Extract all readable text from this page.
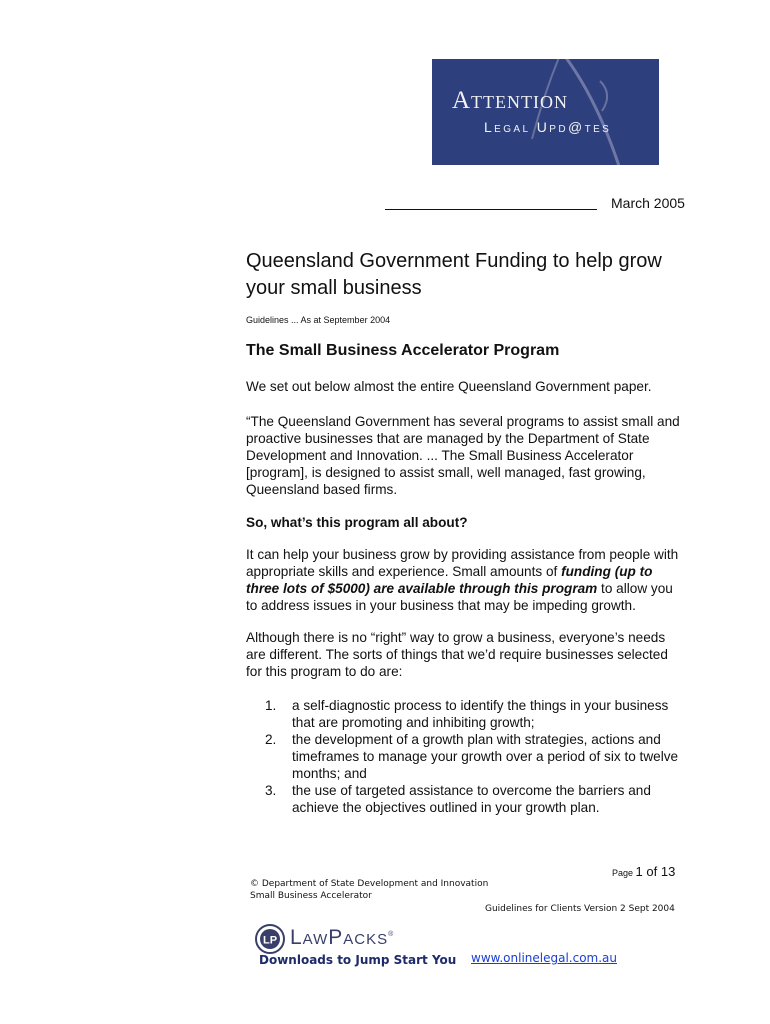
Attention
Legal Upd@tes
March 2005
Queensland Government Funding to help grow your small business
Guidelines ... As at September 2004
The Small Business Accelerator Program
We set out below almost the entire Queensland Government paper.
“The Queensland Government has several programs to assist small and proactive businesses that are managed by the Department of State Development and Innovation. ... The Small Business Accelerator [program], is designed to assist small, well managed, fast growing, Queensland based firms.
So, what’s this program all about?
It can help your business grow by providing assistance from people with appropriate skills and experience. Small amounts of funding (up to three lots of $5000) are available through this program to allow you to address issues in your business that may be impeding growth.
Although there is no “right” way to grow a business, everyone’s needs are different. The sorts of things that we’d require businesses selected for this program to do are:
1. a self-diagnostic process to identify the things in your business that are promoting and inhibiting growth;
2. the development of a growth plan with strategies, actions and timeframes to manage your growth over a period of six to twelve months; and
3. the use of targeted assistance to overcome the barriers and achieve the objectives outlined in your growth plan.
Page 1 of 13
© Department of State Development and Innovation
Small Business Accelerator
Guidelines for Clients Version 2 Sept 2004
LP LawPacks®
Downloads to Jump Start You www.onlinelegal.com.au
